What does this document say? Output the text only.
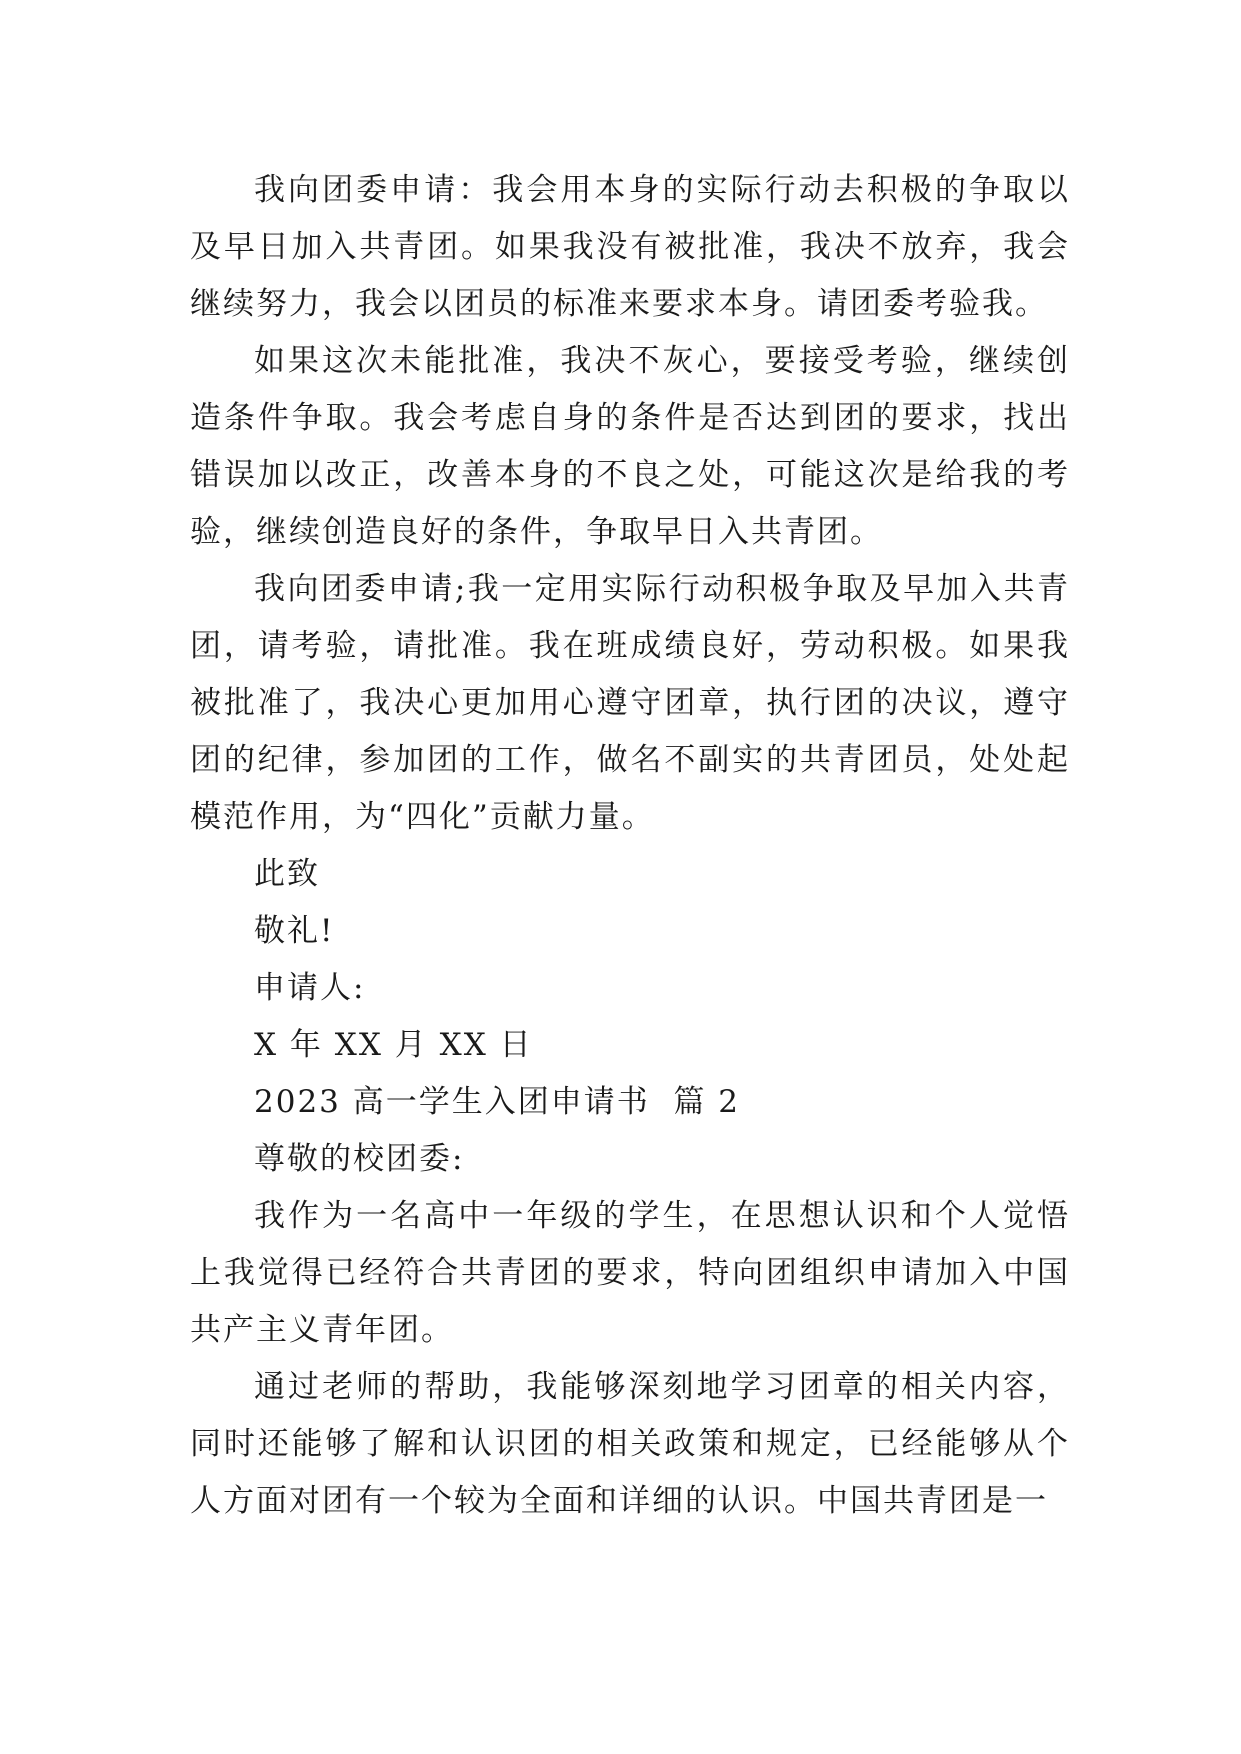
我向团委申请：我会用本身的实际行动去积极的争取以及早日加入共青团。如果我没有被批准，我决不放弃，我会继续努力，我会以团员的标准来要求本身。请团委考验我。

如果这次未能批准，我决不灰心，要接受考验，继续创造条件争取。我会考虑自身的条件是否达到团的要求，找出错误加以改正，改善本身的不良之处，可能这次是给我的考验，继续创造良好的条件，争取早日入共青团。

我向团委申请;我一定用实际行动积极争取及早加入共青团，请考验，请批准。我在班成绩良好，劳动积极。如果我被批准了，我决心更加用心遵守团章，执行团的决议，遵守团的纪律，参加团的工作，做名不副实的共青团员，处处起模范作用，为“四化”贡献力量。

此致

敬礼!

申请人:

X 年 XX 月 XX 日

2023 高一学生入团申请书  篇 2

尊敬的校团委:

我作为一名高中一年级的学生，在思想认识和个人觉悟上我觉得已经符合共青团的要求，特向团组织申请加入中国共产主义青年团。

通过老师的帮助，我能够深刻地学习团章的相关内容，同时还能够了解和认识团的相关政策和规定，已经能够从个人方面对团有一个较为全面和详细的认识。中国共青团是一
